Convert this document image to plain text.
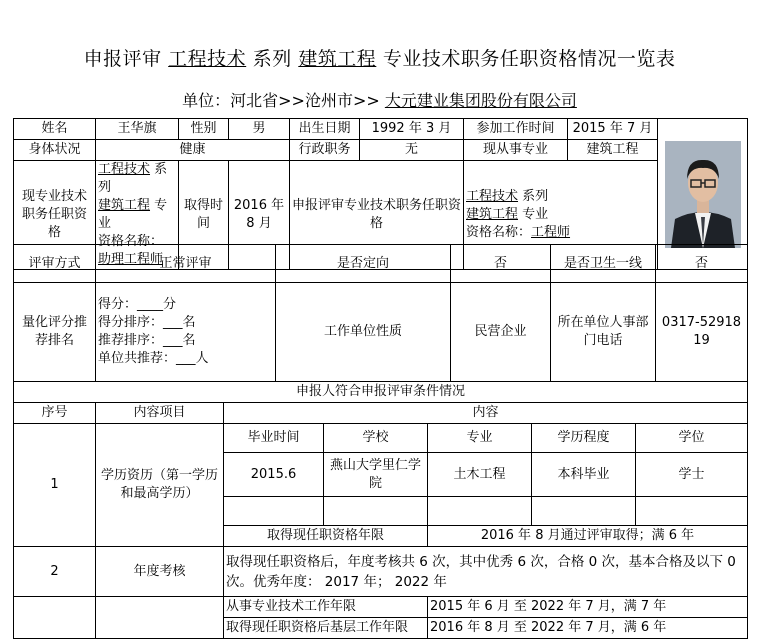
申报评审 工程技术 系列 建筑工程 专业技术职务任职资格情况一览表
单位：河北省>>沧州市>> 大元建业集团股份有限公司
姓名	王华旗	性别	男	出生日期	1992 年 3 月	参加工作时间	2015 年 7 月	

身体状况	健康			行政职务	无	现从事专业	建筑工程	
现专业技术职务任职资格	工程技术 系列
建筑工程 专业
资格名称：助理工程师	取得时间	2016 年 8 月	申报评审专业技术职务任职资格		工程技术 系列
建筑工程 专业
资格名称：工程师		
评审方式	正常评审	是否定向	否	是否卫生一线	否
量化评分推荐排名	得分：____分
得分排序：___名
推荐排序：___名
单位共推荐：___人	工作单位性质	民营企业	所在单位人事部门电话	0317-5291819
申报人符合申报评审条件情况						
序号	内容项目	内容				
1	学历资历（第一学历和最高学历）	毕业时间	学校	专业	学历程度	学位
		2015.6	燕山大学里仁学院	土木工程	本科毕业	学士

		取得现任职资格年限		2016 年 8 月通过评审取得；满 6 年		
2	年度考核	取得现任职资格后，年度考核共 6 次，其中优秀 6 次，合格 0 次，基本合格及以下 0 次。优秀年度： 2017 年； 2022 年				
		从事专业技术工作年限		2015 年 6 月 至 2022 年 7 月，满 7 年		
		取得现任职资格后基层工作年限		2016 年 8 月 至 2022 年 7 月，满 6 年		
